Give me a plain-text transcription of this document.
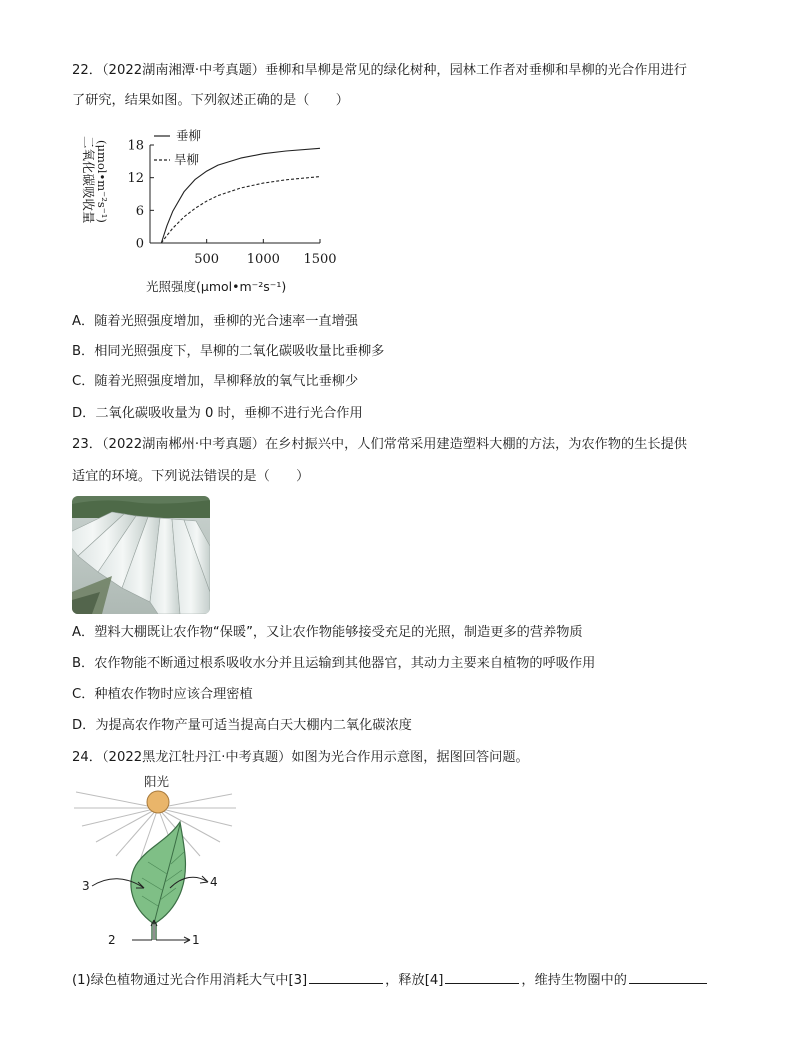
22．（2022湖南湘潭·中考真题）垂柳和旱柳是常见的绿化树种，园林工作者对垂柳和旱柳的光合作用进行
了研究，结果如图。下列叙述正确的是（　　）
二氧化碳吸收量 (μmol•m⁻²s⁻¹)
0
6
12
18
500 1000 1500
垂柳
旱柳
光照强度(μmol•m⁻²s⁻¹)
A．随着光照强度增加，垂柳的光合速率一直增强
B．相同光照强度下，旱柳的二氧化碳吸收量比垂柳多
C．随着光照强度增加，旱柳释放的氧气比垂柳少
D．二氧化碳吸收量为 0 时，垂柳不进行光合作用
23．（2022湖南郴州·中考真题）在乡村振兴中，人们常常采用建造塑料大棚的方法，为农作物的生长提供
适宜的环境。下列说法错误的是（　　）
A．塑料大棚既让农作物“保暖”，又让农作物能够接受充足的光照，制造更多的营养物质
B．农作物能不断通过根系吸收水分并且运输到其他器官，其动力主要来自植物的呼吸作用
C．种植农作物时应该合理密植
D．为提高农作物产量可适当提高白天大棚内二氧化碳浓度
24．（2022黑龙江牡丹江·中考真题）如图为光合作用示意图，据图回答问题。
阳光
3	4
2	1
(1)绿色植物通过光合作用消耗大气中[3]	，释放[4]	，维持生物圈中的
